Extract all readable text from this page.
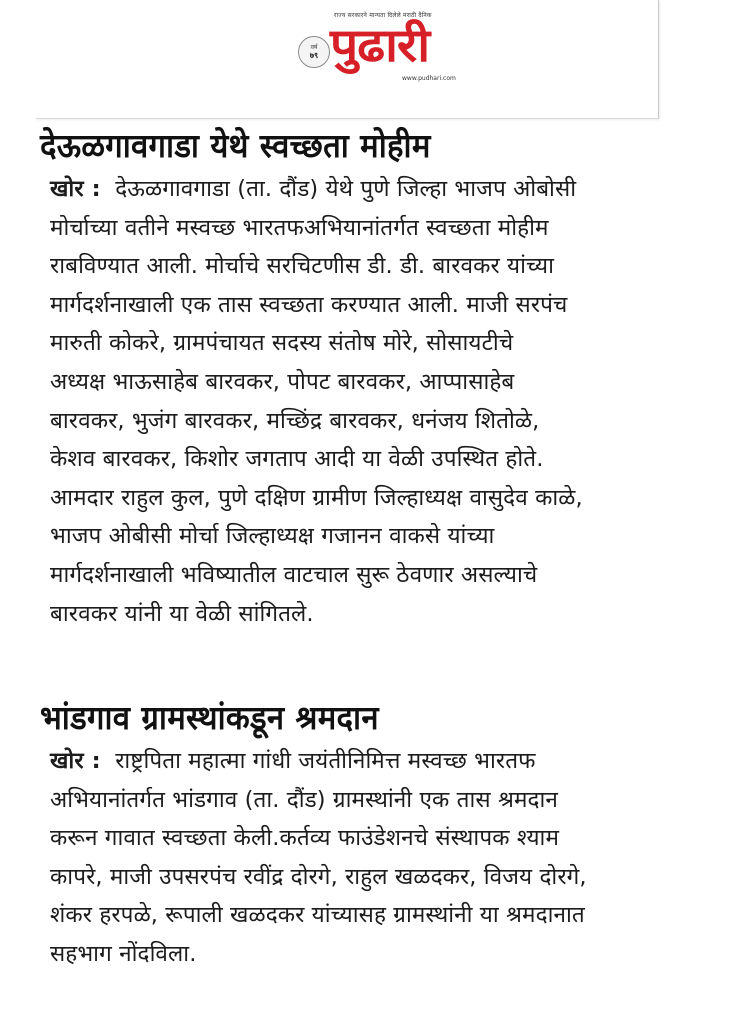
राज्य सरकारने मान्यता दिलेले मराठी दैनिक
वर्ष
७९ पुढारी
www.pudhari.com
देऊळगावगाडा येथे स्वच्छता मोहीम

खोर : देऊळगावगाडा (ता. दौंड) येथे पुणे जिल्हा भाजप ओबोसी

मोर्चाच्या वतीने मस्वच्छ भारतफअभियानांतर्गत स्वच्छता मोहीम

राबविण्यात आली. मोर्चाचे सरचिटणीस डी. डी. बारवकर यांच्या

मार्गदर्शनाखाली एक तास स्वच्छता करण्यात आली. माजी सरपंच

मारुती कोकरे, ग्रामपंचायत सदस्य संतोष मोरे, सोसायटीचे

अध्यक्ष भाऊसाहेब बारवकर, पोपट बारवकर, आप्पासाहेब

बारवकर, भुजंग बारवकर, मच्छिंद्र बारवकर, धनंजय शितोळे,

केशव बारवकर, किशोर जगताप आदी या वेळी उपस्थित होते.

आमदार राहुल कुल, पुणे दक्षिण ग्रामीण जिल्हाध्यक्ष वासुदेव काळे,

भाजप ओबीसी मोर्चा जिल्हाध्यक्ष गजानन वाकसे यांच्या

मार्गदर्शनाखाली भविष्यातील वाटचाल सुरू ठेवणार असल्याचे

बारवकर यांनी या वेळी सांगितले.

भांडगाव ग्रामस्थांकडून श्रमदान

खोर : राष्ट्रपिता महात्मा गांधी जयंतीनिमित्त मस्वच्छ भारतफ

अभियानांतर्गत भांडगाव (ता. दौंड) ग्रामस्थांनी एक तास श्रमदान

करून गावात स्वच्छता केली.कर्तव्य फाउंडेशनचे संस्थापक श्याम

कापरे, माजी उपसरपंच रवींद्र दोरगे, राहुल खळदकर, विजय दोरगे,

शंकर हरपळे, रूपाली खळदकर यांच्यासह ग्रामस्थांनी या श्रमदानात

सहभाग नोंदविला.
